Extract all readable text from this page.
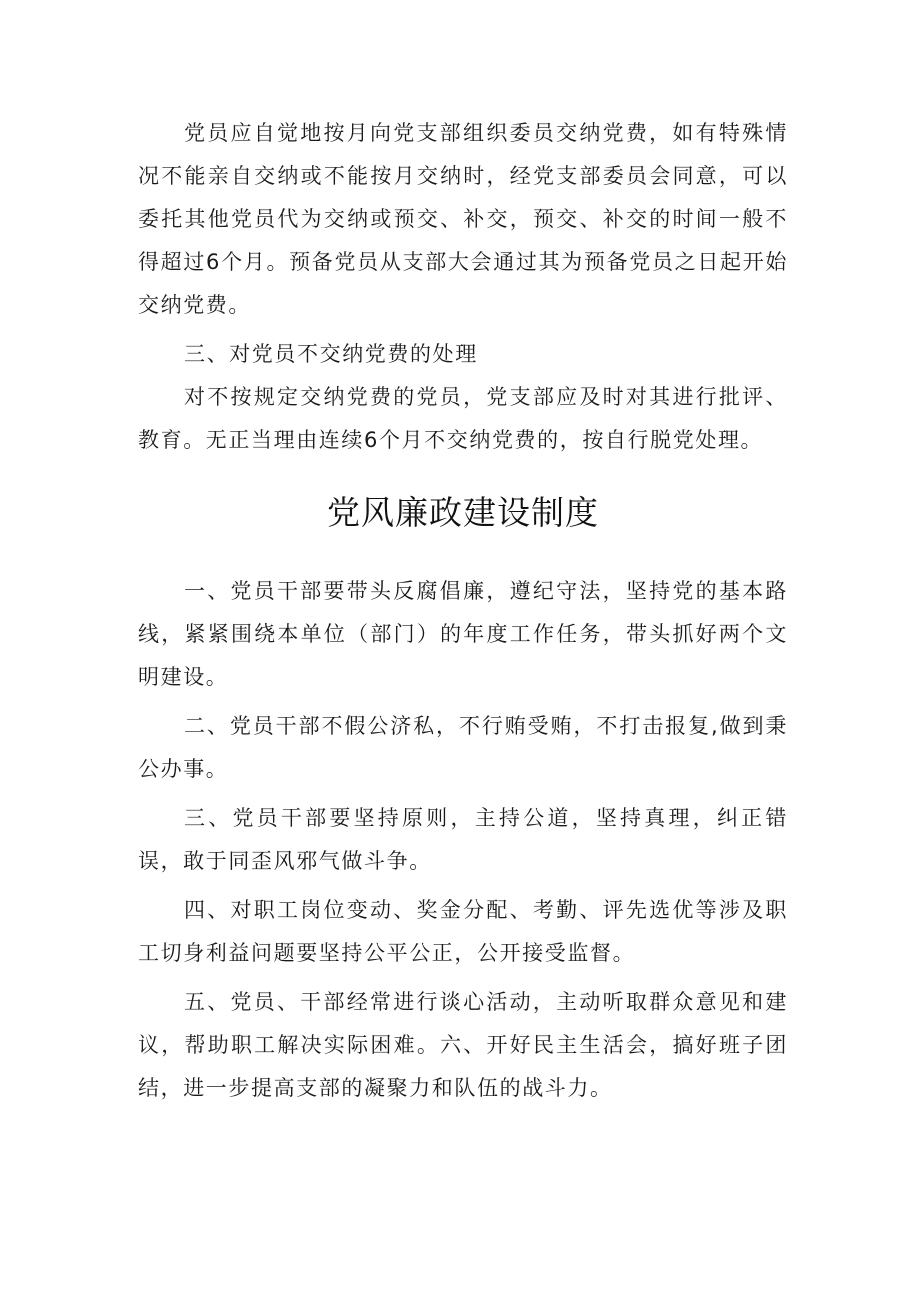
党员应自觉地按月向党支部组织委员交纳党费，如有特殊情况不能亲自交纳或不能按月交纳时，经党支部委员会同意，可以委托其他党员代为交纳或预交、补交，预交、补交的时间一般不得超过6个月。预备党员从支部大会通过其为预备党员之日起开始交纳党费。

三、对党员不交纳党费的处理

对不按规定交纳党费的党员，党支部应及时对其进行批评、教育。无正当理由连续6个月不交纳党费的，按自行脱党处理。

党风廉政建设制度

一、党员干部要带头反腐倡廉，遵纪守法，坚持党的基本路线，紧紧围绕本单位（部门）的年度工作任务，带头抓好两个文明建设。

二、党员干部不假公济私，不行贿受贿，不打击报复,做到秉公办事。

三、党员干部要坚持原则，主持公道，坚持真理，纠正错误，敢于同歪风邪气做斗争。

四、对职工岗位变动、奖金分配、考勤、评先选优等涉及职工切身利益问题要坚持公平公正，公开接受监督。

五、党员、干部经常进行谈心活动，主动听取群众意见和建议，帮助职工解决实际困难。六、开好民主生活会，搞好班子团结，进一步提高支部的凝聚力和队伍的战斗力。
